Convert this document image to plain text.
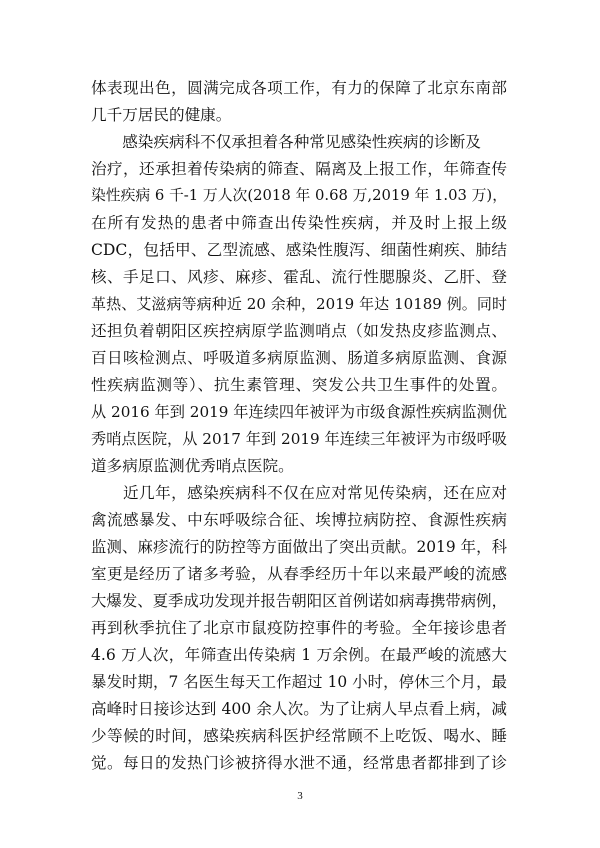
体表现出色，圆满完成各项工作，有力的保障了北京东南部
几千万居民的健康。
　　感染疾病科不仅承担着各种常见感染性疾病的诊断及
治疗，还承担着传染病的筛查、隔离及上报工作，年筛查传
染性疾病 6 千-1 万人次(2018 年 0.68 万,2019 年 1.03 万)，
在所有发热的患者中筛查出传染性疾病，并及时上报上级
CDC，包括甲、乙型流感、感染性腹泻、细菌性痢疾、肺结
核、手足口、风疹、麻疹、霍乱、流行性腮腺炎、乙肝、登
革热、艾滋病等病种近 20 余种，2019 年达 10189 例。同时
还担负着朝阳区疾控病原学监测哨点（如发热皮疹监测点、
百日咳检测点、呼吸道多病原监测、肠道多病原监测、食源
性疾病监测等）、抗生素管理、突发公共卫生事件的处置。
从 2016 年到 2019 年连续四年被评为市级食源性疾病监测优
秀哨点医院，从 2017 年到 2019 年连续三年被评为市级呼吸
道多病原监测优秀哨点医院。
　　近几年，感染疾病科不仅在应对常见传染病，还在应对
禽流感暴发、中东呼吸综合征、埃博拉病防控、食源性疾病
监测、麻疹流行的防控等方面做出了突出贡献。2019 年，科
室更是经历了诸多考验，从春季经历十年以来最严峻的流感
大爆发、夏季成功发现并报告朝阳区首例诺如病毒携带病例，
再到秋季抗住了北京市鼠疫防控事件的考验。全年接诊患者
4.6 万人次，年筛查出传染病 1 万余例。在最严峻的流感大
暴发时期，7 名医生每天工作超过 10 小时，停休三个月，最
高峰时日接诊达到 400 余人次。为了让病人早点看上病，减
少等候的时间，感染疾病科医护经常顾不上吃饭、喝水、睡
觉。每日的发热门诊被挤得水泄不通，经常患者都排到了诊
3
